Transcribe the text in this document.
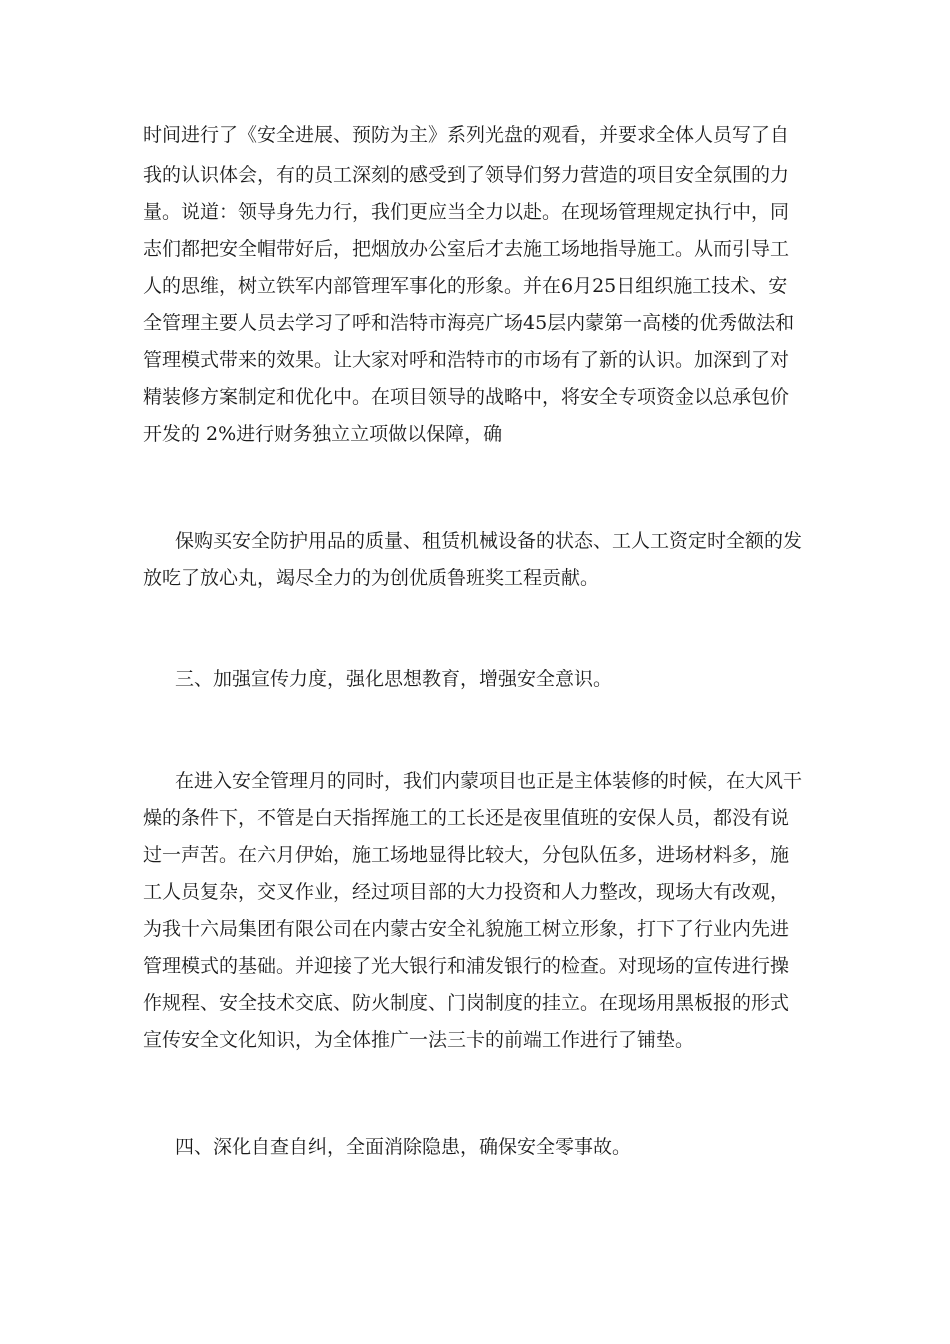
时间进行了《安全进展、预防为主》系列光盘的观看，并要求全体人员写了自

我的认识体会，有的员工深刻的感受到了领导们努力营造的项目安全氛围的力

量。说道：领导身先力行，我们更应当全力以赴。在现场管理规定执行中，同

志们都把安全帽带好后，把烟放办公室后才去施工场地指导施工。从而引导工

人的思维，树立铁军内部管理军事化的形象。并在6月25日组织施工技术、安

全管理主要人员去学习了呼和浩特市海亮广场45层内蒙第一高楼的优秀做法和

管理模式带来的效果。让大家对呼和浩特市的市场有了新的认识。加深到了对

精装修方案制定和优化中。在项目领导的战略中，将安全专项资金以总承包价

开发的 2%进行财务独立立项做以保障，确

保购买安全防护用品的质量、租赁机械设备的状态、工人工资定时全额的发

放吃了放心丸，竭尽全力的为创优质鲁班奖工程贡献。

三、加强宣传力度，强化思想教育，增强安全意识。

在进入安全管理月的同时，我们内蒙项目也正是主体装修的时候，在大风干

燥的条件下，不管是白天指挥施工的工长还是夜里值班的安保人员，都没有说

过一声苦。在六月伊始，施工场地显得比较大，分包队伍多，进场材料多，施

工人员复杂，交叉作业，经过项目部的大力投资和人力整改，现场大有改观，

为我十六局集团有限公司在内蒙古安全礼貌施工树立形象，打下了行业内先进

管理模式的基础。并迎接了光大银行和浦发银行的检查。对现场的宣传进行操

作规程、安全技术交底、防火制度、门岗制度的挂立。在现场用黑板报的形式

宣传安全文化知识，为全体推广一法三卡的前端工作进行了铺垫。

四、深化自查自纠，全面消除隐患，确保安全零事故。
